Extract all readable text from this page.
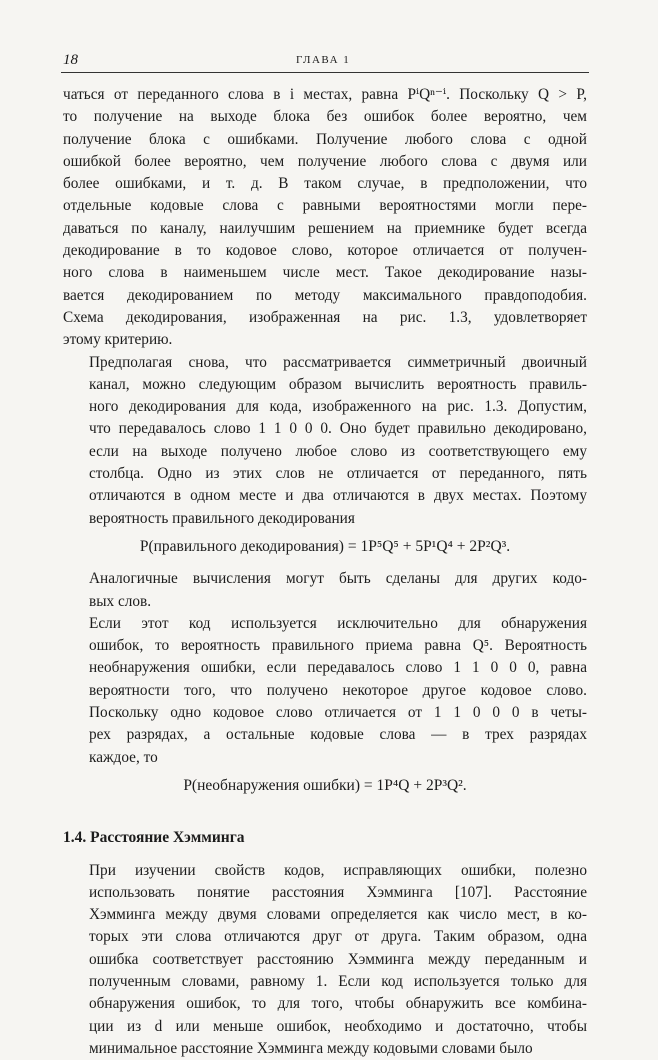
18	ГЛАВА 1
чаться от переданного слова в i местах, равна PⁱQⁿ⁻ⁱ. Поскольку Q > P,
то получение на выходе блока без ошибок более вероятно, чем
получение блока с ошибками. Получение любого слова с одной
ошибкой более вероятно, чем получение любого слова с двумя или
более ошибками, и т. д. В таком случае, в предположении, что
отдельные кодовые слова с равными вероятностями могли пере-
даваться по каналу, наилучшим решением на приемнике будет всегда
декодирование в то кодовое слово, которое отличается от получен-
ного слова в наименьшем числе мест. Такое декодирование назы-
вается декодированием по методу максимального правдоподобия.
Схема декодирования, изображенная на рис. 1.3, удовлетворяет
этому критерию.
Предполагая снова, что рассматривается симметричный двоичный
канал, можно следующим образом вычислить вероятность правиль-
ного декодирования для кода, изображенного на рис. 1.3. Допустим,
что передавалось слово 1 1 0 0 0. Оно будет правильно декодировано,
если на выходе получено любое слово из соответствующего ему
столбца. Одно из этих слов не отличается от переданного, пять
отличаются в одном месте и два отличаются в двух местах. Поэтому
вероятность правильного декодирования
P(правильного декодирования) = 1P⁵Q⁵ + 5P¹Q⁴ + 2P²Q³.
Аналогичные вычисления могут быть сделаны для других кодо-
вых слов.
Если этот код используется исключительно для обнаружения
ошибок, то вероятность правильного приема равна Q⁵. Вероятность
необнаружения ошибки, если передавалось слово 1 1 0 0 0, равна
вероятности того, что получено некоторое другое кодовое слово.
Поскольку одно кодовое слово отличается от 1 1 0 0 0 в четы-
рех разрядах, а остальные кодовые слова — в трех разрядах
каждое, то
P(необнаружения ошибки) = 1P⁴Q + 2P³Q².
1.4. Расстояние Хэмминга
При изучении свойств кодов, исправляющих ошибки, полезно
использовать понятие расстояния Хэмминга [107]. Расстояние
Хэмминга между двумя словами определяется как число мест, в ко-
торых эти слова отличаются друг от друга. Таким образом, одна
ошибка соответствует расстоянию Хэмминга между переданным и
полученным словами, равному 1. Если код используется только для
обнаружения ошибок, то для того, чтобы обнаружить все комбина-
ции из d или меньше ошибок, необходимо и достаточно, чтобы
минимальное расстояние Хэмминга между кодовыми словами было
